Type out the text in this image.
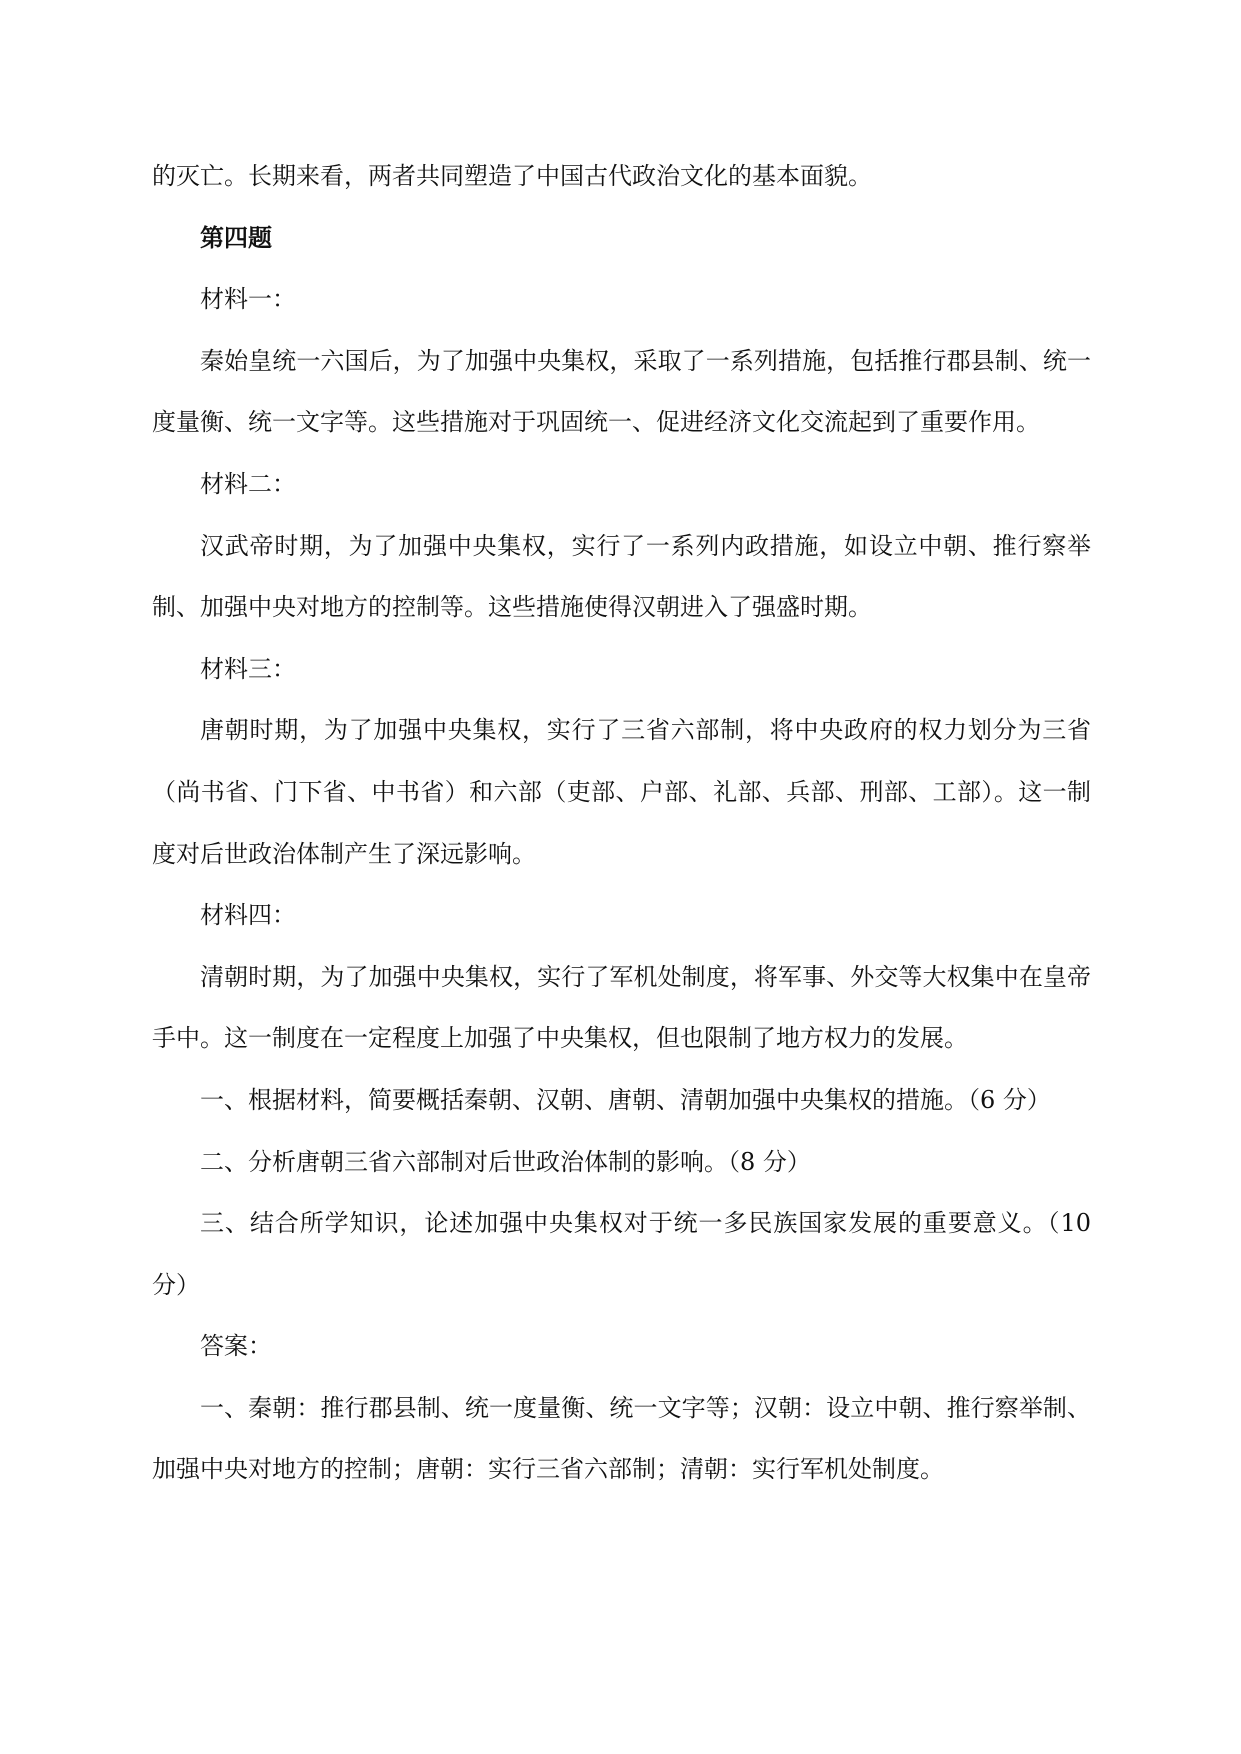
的灭亡。长期来看，两者共同塑造了中国古代政治文化的基本面貌。

第四题

材料一：

秦始皇统一六国后，为了加强中央集权，采取了一系列措施，包括推行郡县制、统一度量衡、统一文字等。这些措施对于巩固统一、促进经济文化交流起到了重要作用。

材料二：

汉武帝时期，为了加强中央集权，实行了一系列内政措施，如设立中朝、推行察举制、加强中央对地方的控制等。这些措施使得汉朝进入了强盛时期。

材料三：

唐朝时期，为了加强中央集权，实行了三省六部制，将中央政府的权力划分为三省（尚书省、门下省、中书省）和六部（吏部、户部、礼部、兵部、刑部、工部）。这一制度对后世政治体制产生了深远影响。

材料四：

清朝时期，为了加强中央集权，实行了军机处制度，将军事、外交等大权集中在皇帝手中。这一制度在一定程度上加强了中央集权，但也限制了地方权力的发展。

一、根据材料，简要概括秦朝、汉朝、唐朝、清朝加强中央集权的措施。（6 分）

二、分析唐朝三省六部制对后世政治体制的影响。（8 分）

三、结合所学知识，论述加强中央集权对于统一多民族国家发展的重要意义。（10 分）

答案：

一、秦朝：推行郡县制、统一度量衡、统一文字等；汉朝：设立中朝、推行察举制、加强中央对地方的控制；唐朝：实行三省六部制；清朝：实行军机处制度。
